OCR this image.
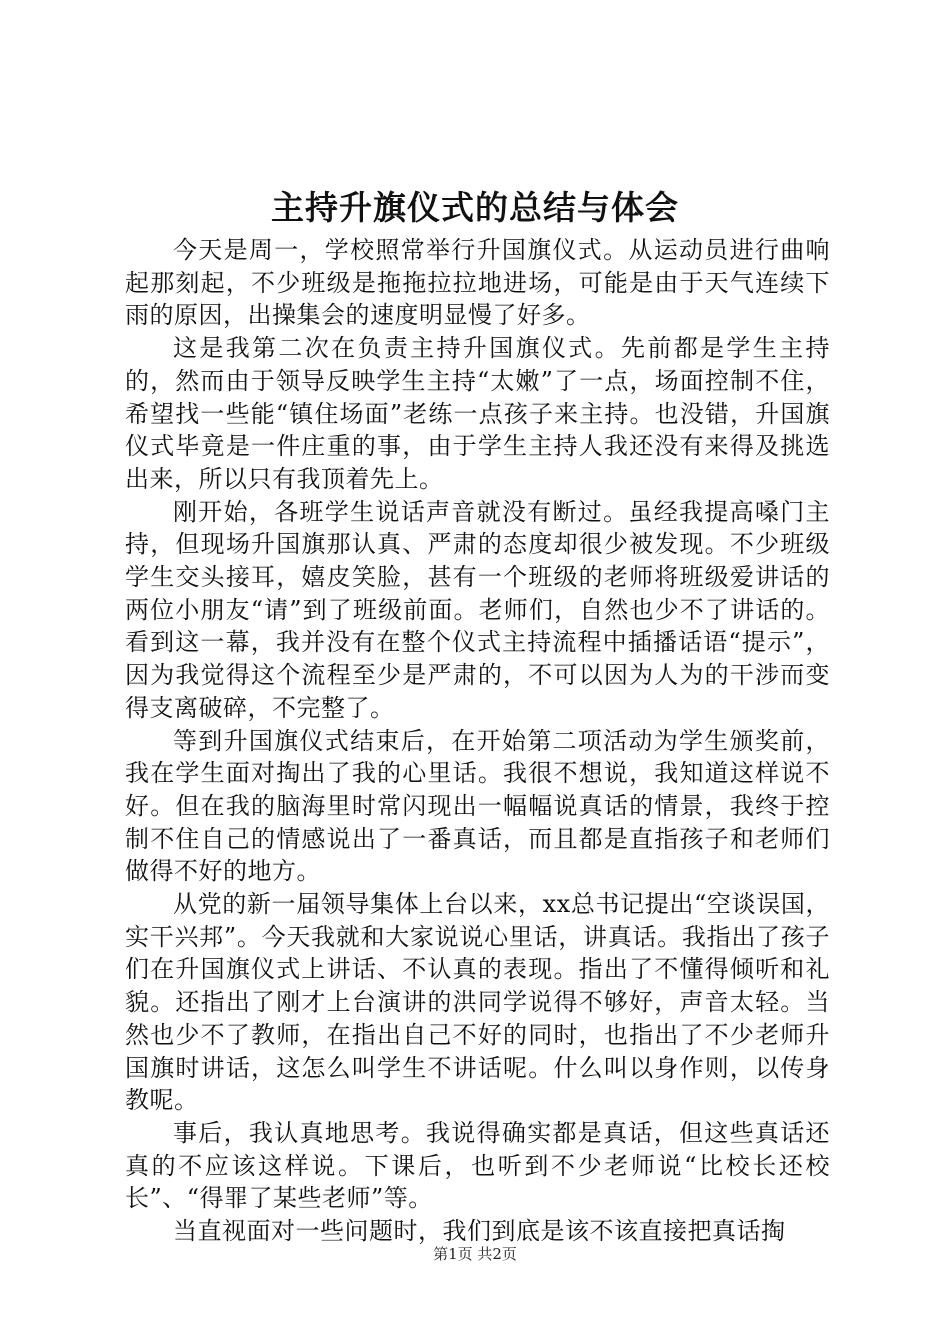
主持升旗仪式的总结与体会

今天是周一，学校照常举行升国旗仪式。从运动员进行曲响起那刻起，不少班级是拖拖拉拉地进场，可能是由于天气连续下雨的原因，出操集会的速度明显慢了好多。

这是我第二次在负责主持升国旗仪式。先前都是学生主持的，然而由于领导反映学生主持“太嫩”了一点，场面控制不住，希望找一些能“镇住场面”老练一点孩子来主持。也没错，升国旗仪式毕竟是一件庄重的事，由于学生主持人我还没有来得及挑选出来，所以只有我顶着先上。

刚开始，各班学生说话声音就没有断过。虽经我提高嗓门主持，但现场升国旗那认真、严肃的态度却很少被发现。不少班级学生交头接耳，嬉皮笑脸，甚有一个班级的老师将班级爱讲话的两位小朋友“请”到了班级前面。老师们，自然也少不了讲话的。看到这一幕，我并没有在整个仪式主持流程中插播话语“提示”，因为我觉得这个流程至少是严肃的，不可以因为人为的干涉而变得支离破碎，不完整了。

等到升国旗仪式结束后，在开始第二项活动为学生颁奖前，我在学生面对掏出了我的心里话。我很不想说，我知道这样说不好。但在我的脑海里时常闪现出一幅幅说真话的情景，我终于控制不住自己的情感说出了一番真话，而且都是直指孩子和老师们做得不好的地方。

从党的新一届领导集体上台以来，xx总书记提出“空谈误国，实干兴邦”。今天我就和大家说说心里话，讲真话。我指出了孩子们在升国旗仪式上讲话、不认真的表现。指出了不懂得倾听和礼貌。还指出了刚才上台演讲的洪同学说得不够好，声音太轻。当然也少不了教师，在指出自己不好的同时，也指出了不少老师升国旗时讲话，这怎么叫学生不讲话呢。什么叫以身作则，以传身教呢。

事后，我认真地思考。我说得确实都是真话，但这些真话还真的不应该这样说。下课后，也听到不少老师说“比校长还校长”、“得罪了某些老师”等。

当直视面对一些问题时，我们到底是该不该直接把真话掏

第1页 共2页
